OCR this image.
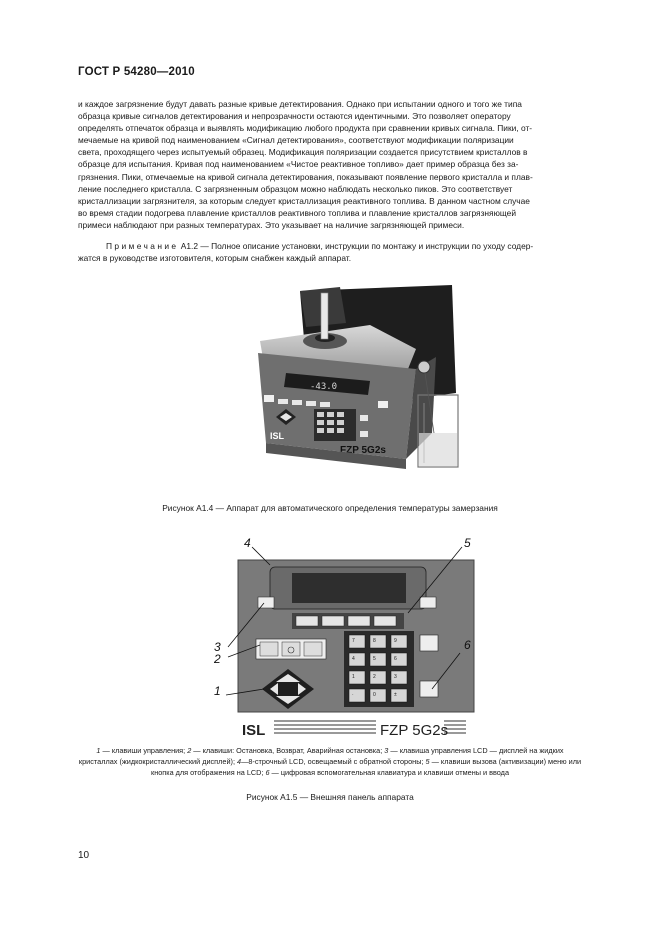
ГОСТ Р 54280—2010

и каждое загрязнение будут давать разные кривые детектирования. Однако при испытании одного и того же типа

образца кривые сигналов детектирования и непрозрачности остаются идентичными. Это позволяет оператору

определять отпечаток образца и выявлять модификацию любого продукта при сравнении кривых сигнала. Пики, от-

мечаемые на кривой под наименованием «Сигнал детектирования», соответствуют модификации поляризации

света, проходящего через испытуемый образец. Модификация поляризации создается присутствием кристаллов в

образце для испытания. Кривая под наименованием «Чистое реактивное топливо» дает пример образца без за-

грязнения. Пики, отмечаемые на кривой сигнала детектирования, показывают появление первого кристалла и плав-

ление последнего кристалла. С загрязненным образцом можно наблюдать несколько пиков. Это соответствует

кристаллизации загрязнителя, за которым следует кристаллизация реактивного топлива. В данном частном случае

во время стадии подогрева плавление кристаллов реактивного топлива и плавление кристаллов загрязняющей

примеси наблюдают при разных температурах. Это указывает на наличие загрязняющей примеси.

Примечание А1.2 — Полное описание установки, инструкции по монтажу и инструкции по уходу содер-
жатся в руководстве изготовителя, которым снабжен каждый аппарат.
-43.0
ISL
FZP 5G2s
Рисунок А1.4 — Аппарат для автоматического определения температуры замерзания
7	8	9
4	5	6
1	2	3
·	0	±
ISL	FZP 5G2s
4	5
3
2
1
6
1 — клавиши управления; 2 — клавиши: Остановка, Возврат, Аварийная остановка; 3 — клавиша управления LCD — дисплей на жидких кристаллах (жидкокристаллический дисплей); 4—8-строчный LCD, освещаемый с обратной стороны; 5 — клавиши вызова (активизации) меню или кнопка для отображения на LCD; 6 — цифровая вспомогательная клавиатура и клавиши отмены и ввода
Рисунок А1.5 — Внешняя панель аппарата
10
